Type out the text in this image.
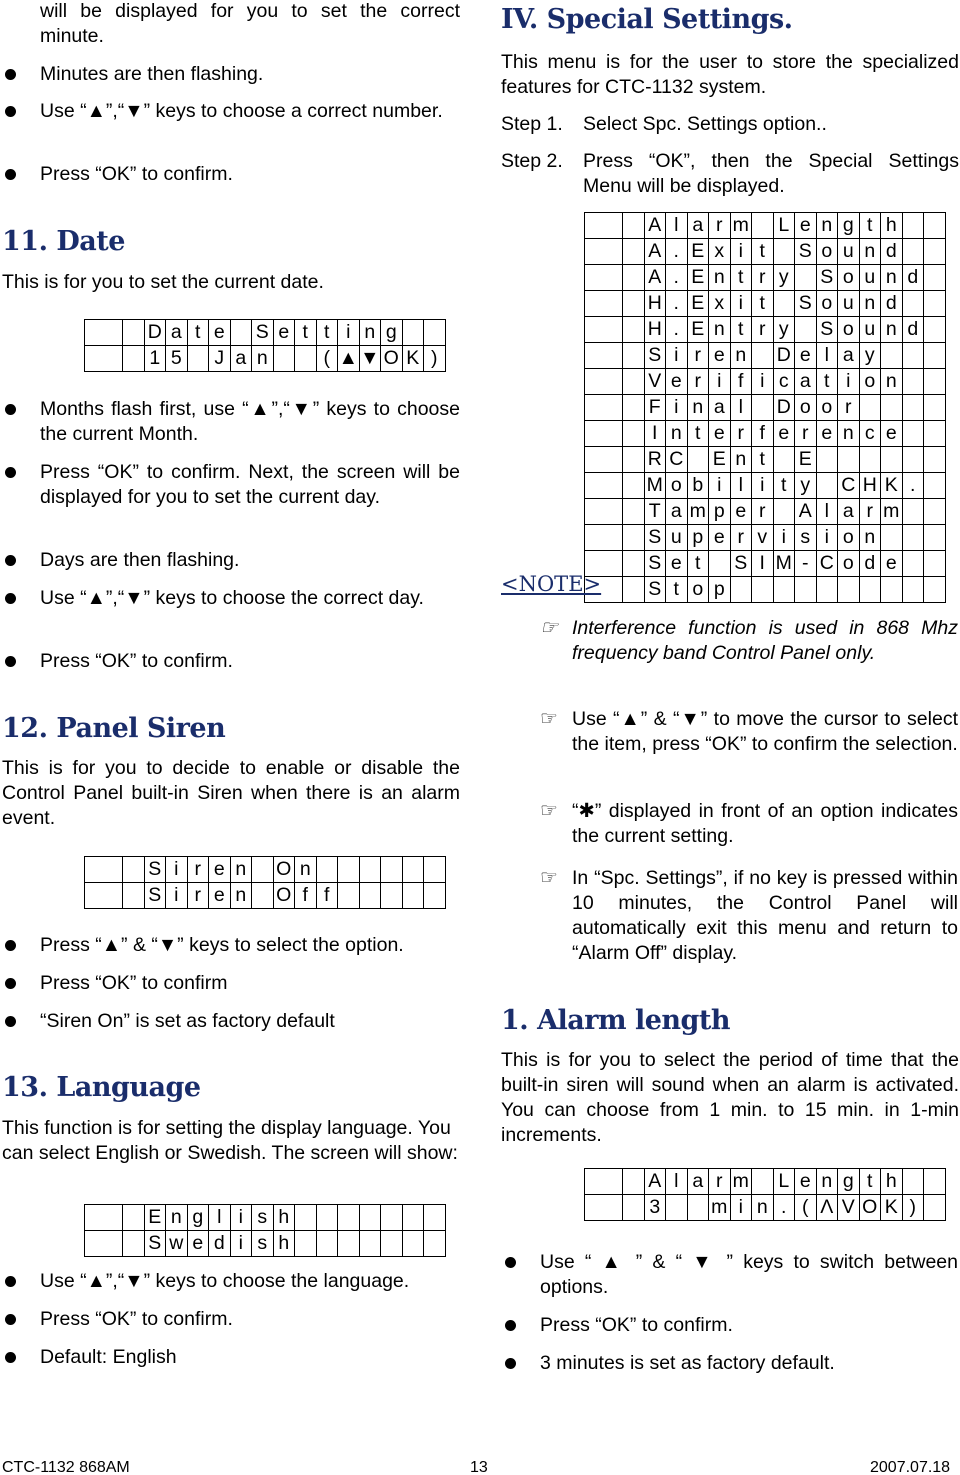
will be displayed for you to set the correct minute.

Minutes are then flashing.
Use “▲”,“▼” keys to choose a correct number.
Press “OK” to confirm.
11. Date

This is for you to set the current date.

		D	a	t	e		S	e	t	t	i	n	g		
		1	5		J	a	n			(	▲	▼	O	K	)
Months flash first, use “▲”,“▼” keys to choose the current Month.
Press “OK” to confirm. Next, the screen will be displayed for you to set the current day.
Days are then flashing.
Use “▲”,“▼” keys to choose the correct day.
Press “OK” to confirm.
12. Panel Siren

This is for you to decide to enable or disable the Control Panel built-in Siren when there is an alarm event.

		S	i	r	e	n		O	n						
		S	i	r	e	n		O	f	f					
Press “▲” & “▼” keys to select the option.
Press “OK” to confirm
“Siren On” is set as factory default
13. Language

This function is for setting the display language. You can select English or Swedish. The screen will show:

		E	n	g	l	i	s	h							
		S	w	e	d	i	s	h							
Use “▲”,“▼” keys to choose the language.
Press “OK” to confirm.
Default: English
IV. Special Settings.

This menu is for the user to store the specialized features for CTC-1132 system.

Step 1. Select Spc. Settings option..
Step 2.	Press “OK”, then the Special Settings Menu will be displayed.
		A	l	a	r	m		L	e	n	g	t	h		
		A	.	E	x	i	t		S	o	u	n	d		
		A	.	E	n	t	r	y		S	o	u	n	d	
		H	.	E	x	i	t		S	o	u	n	d		
		H	.	E	n	t	r	y		S	o	u	n	d	
		S	i	r	e	n		D	e	l	a	y			
		V	e	r	i	f	i	c	a	t	i	o	n		
		F	i	n	a	l		D	o	o	r				
		I	n	t	e	r	f	e	r	e	n	c	e		
		R	C		E	n	t		E						
		M	o	b	i	l	i	t	y		C	H	K	.	
		T	a	m	p	e	r		A	l	a	r	m		
		S	u	p	e	r	v	i	s	i	o	n			
		S	e	t		S	I	M	-	C	o	d	e		
		S	t	o	p										
<NOTE>
☞ Interference function is used in 868 Mhz frequency band Control Panel only.
☞ Use “▲” & “▼” to move the cursor to select the item, press “OK” to confirm the selection.
☞ “✱” displayed in front of an option indicates the current setting.
☞ In “Spc. Settings”, if no key is pressed within 10 minutes, the Control Panel will automatically exit this menu and return to “Alarm Off” display.
1. Alarm length

This is for you to select the period of time that the built-in siren will sound when an alarm is activated. You can choose from 1 min. to 15 min. in 1-min increments.

		A	l	a	r	m		L	e	n	g	t	h		
		3			m	i	n	.	(	Λ	V	O	K	)	
Use “ ▲ ” & “ ▼ ” keys to switch between options.
Press “OK” to confirm.
3 minutes is set as factory default.
CTC-1132 868AM	13	2007.07.18
